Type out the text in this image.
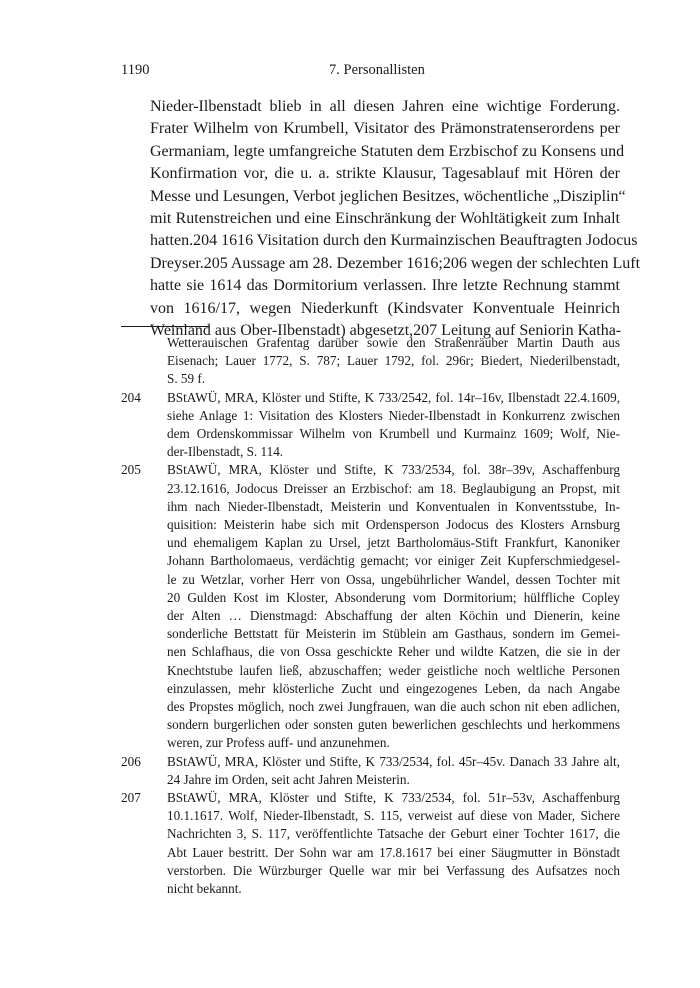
1190	7. Personallisten
Nieder-Ilbenstadt blieb in all diesen Jahren eine wichtige Forderung.
Frater Wilhelm von Krumbell, Visitator des Prämonstratenserordens per
Germaniam, legte umfangreiche Statuten dem Erzbischof zu Konsens und
Konfirmation vor, die u. a. strikte Klausur, Tagesablauf mit Hören der
Messe und Lesungen, Verbot jeglichen Besitzes, wöchentliche „Disziplin“
mit Rutenstreichen und eine Einschränkung der Wohltätigkeit zum Inhalt
hatten.204 1616 Visitation durch den Kurmainzischen Beauftragten Jodocus
Dreyser.205 Aussage am 28. Dezember 1616;206 wegen der schlechten Luft
hatte sie 1614 das Dormitorium verlassen. Ihre letzte Rechnung stammt
von 1616/17, wegen Niederkunft (Kindsvater Konventuale Heinrich
Weinland aus Ober-Ilbenstadt) abgesetzt,207 Leitung auf Seniorin Katha-
Wetterauischen Grafentag darüber sowie den Straßenräuber Martin Dauth aus
Eisenach; Lauer 1772, S. 787; Lauer 1792, fol. 296r; Biedert, Niederilbenstadt,
S. 59 f.
204 BStAWÜ, MRA, Klöster und Stifte, K 733/2542, fol. 14r–16v, Ilbenstadt 22.4.1609,
siehe Anlage 1: Visitation des Klosters Nieder-Ilbenstadt in Konkurrenz zwischen
dem Ordenskommissar Wilhelm von Krumbell und Kurmainz 1609; Wolf, Nie-
der-Ilbenstadt, S. 114.
205 BStAWÜ, MRA, Klöster und Stifte, K 733/2534, fol. 38r–39v, Aschaffenburg
23.12.1616, Jodocus Dreisser an Erzbischof: am 18. Beglaubigung an Propst, mit
ihm nach Nieder-Ilbenstadt, Meisterin und Konventualen in Konventsstube, In-
quisition: Meisterin habe sich mit Ordensperson Jodocus des Klosters Arnsburg
und ehemaligem Kaplan zu Ursel, jetzt Bartholomäus-Stift Frankfurt, Kanoniker
Johann Bartholomaeus, verdächtig gemacht; vor einiger Zeit Kupferschmiedgesel-
le zu Wetzlar, vorher Herr von Ossa, ungebührlicher Wandel, dessen Tochter mit
20 Gulden Kost im Kloster, Absonderung vom Dormitorium; hülffliche Copley
der Alten … Dienstmagd: Abschaffung der alten Köchin und Dienerin, keine
sonderliche Bettstatt für Meisterin im Stüblein am Gasthaus, sondern im Gemei-
nen Schlafhaus, die von Ossa geschickte Reher und wildte Katzen, die sie in der
Knechtstube laufen ließ, abzuschaffen; weder geistliche noch weltliche Personen
einzulassen, mehr klösterliche Zucht und eingezogenes Leben, da nach Angabe
des Propstes möglich, noch zwei Jungfrauen, wan die auch schon nit eben adlichen,
sondern burgerlichen oder sonsten guten bewerlichen geschlechts und herkommens
weren, zur Profess auff- und anzunehmen.
206 BStAWÜ, MRA, Klöster und Stifte, K 733/2534, fol. 45r–45v. Danach 33 Jahre alt,
24 Jahre im Orden, seit acht Jahren Meisterin.
207 BStAWÜ, MRA, Klöster und Stifte, K 733/2534, fol. 51r–53v, Aschaffenburg
10.1.1617. Wolf, Nieder-Ilbenstadt, S. 115, verweist auf diese von Mader, Sichere
Nachrichten 3, S. 117, veröffentlichte Tatsache der Geburt einer Tochter 1617, die
Abt Lauer bestritt. Der Sohn war am 17.8.1617 bei einer Säugmutter in Bönstadt
verstorben. Die Würzburger Quelle war mir bei Verfassung des Aufsatzes noch
nicht bekannt.
